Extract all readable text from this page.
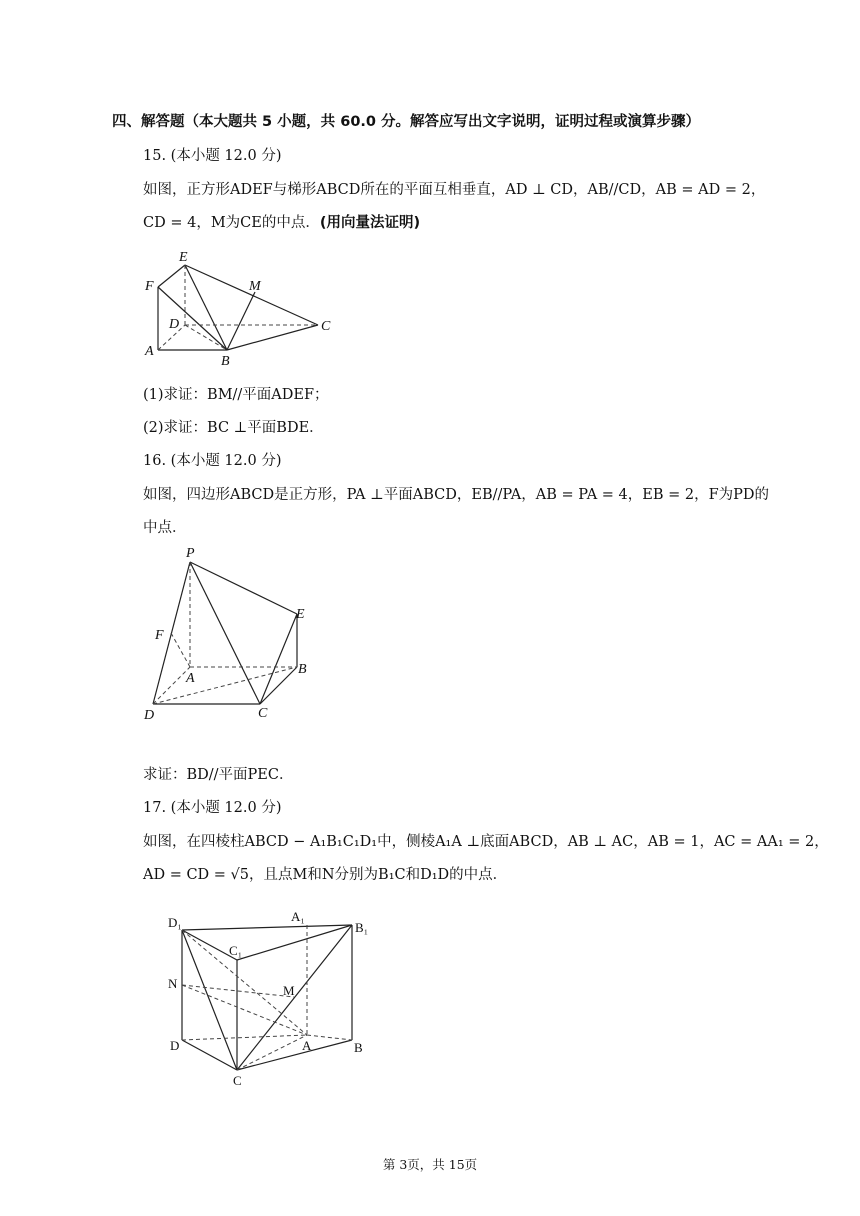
四、解答题（本大题共 5 小题，共 60.0 分。解答应写出文字说明，证明过程或演算步骤）
15. (本小题 12.0 分)
如图，正方形ADEF与梯形ABCD所在的平面互相垂直，AD ⊥ CD，AB//CD，AB = AD = 2，
CD = 4，M为CE的中点．(用向量法证明)
E
F	M
D	C
A
B
(1)求证：BM//平面ADEF；
(2)求证：BC ⊥平面BDE．
16. (本小题 12.0 分)
如图，四边形ABCD是正方形，PA ⊥平面ABCD，EB//PA，AB = PA = 4，EB = 2，F为PD的
中点．
P
E
F
A
B
D	C
求证：BD//平面PEC．
17. (本小题 12.0 分)
如图，在四棱柱ABCD − A₁B₁C₁D₁中，侧棱A₁A ⊥底面ABCD，AB ⊥ AC，AB = 1，AC = AA₁ = 2，
AD = CD = √5，且点M和N分别为B₁C和D₁D的中点．
D₁	A₁
B₁
C₁
N	M
D	A	B
C
第 3页，共 15页
